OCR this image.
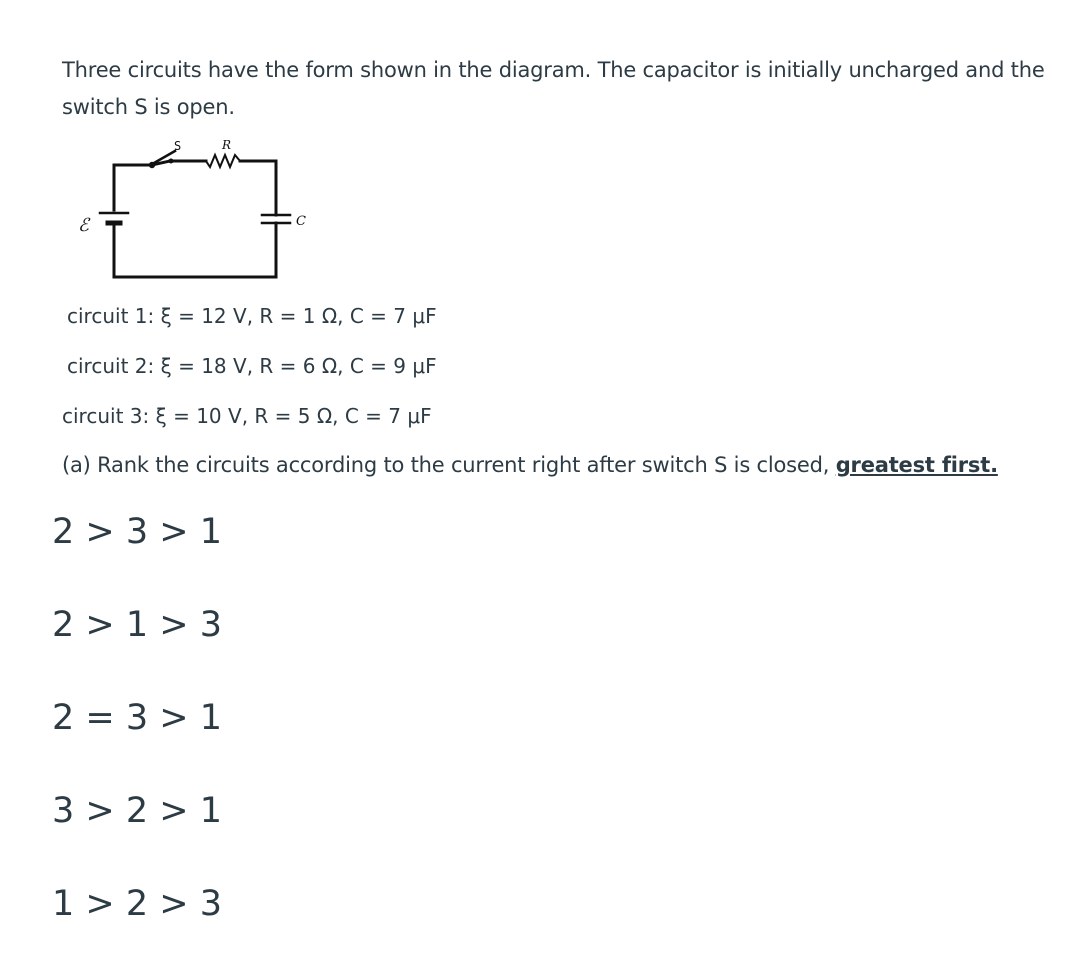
Three circuits have the form shown in the diagram. The capacitor is initially uncharged and the switch S is open.
S	R
ℰ	C
circuit 1: ξ = 12 V, R = 1 Ω, C = 7 μF
circuit 2: ξ = 18 V, R = 6 Ω, C = 9 μF
circuit 3: ξ = 10 V, R = 5 Ω, C = 7 μF
(a) Rank the circuits according to the current right after switch S is closed, greatest first.
2 > 3 > 1
2 > 1 > 3
2 = 3 > 1
3 > 2 > 1
1 > 2 > 3
